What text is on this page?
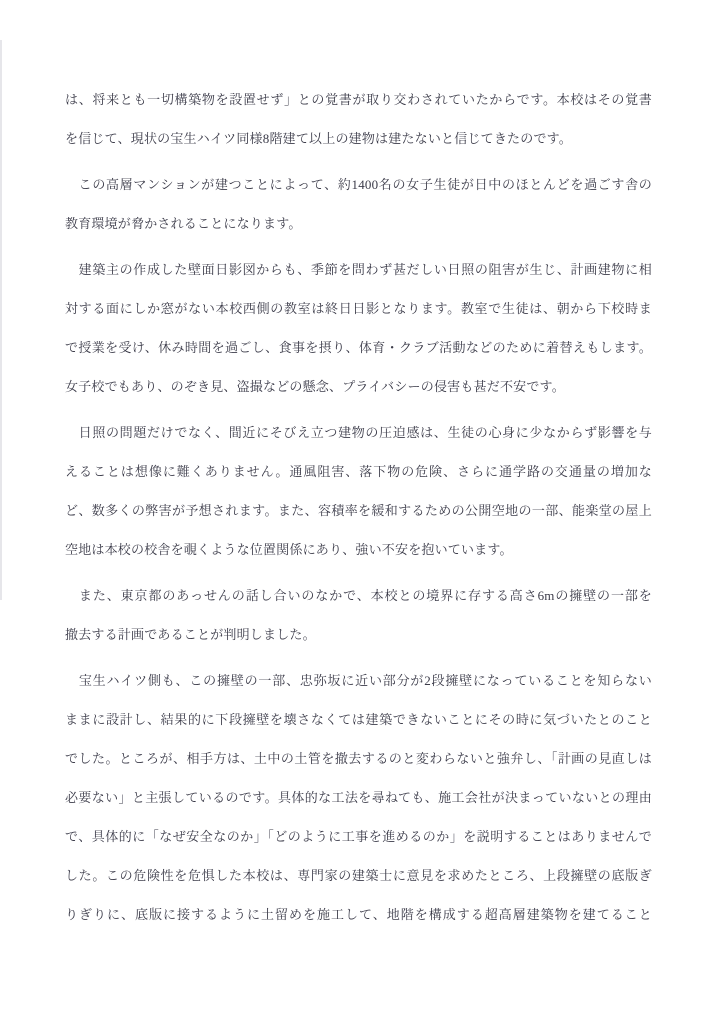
は、将来とも一切構築物を設置せず」との覚書が取り交わされていたからです。本校はその覚書
を信じて、現状の宝生ハイツ同様8階建て以上の建物は建たないと信じてきたのです。
　この高層マンションが建つことによって、約1400名の女子生徒が日中のほとんどを過ごす舎の
教育環境が脅かされることになります。
　建築主の作成した壁面日影図からも、季節を問わず甚だしい日照の阻害が生じ、計画建物に相
対する面にしか窓がない本校西側の教室は終日日影となります。教室で生徒は、朝から下校時ま
で授業を受け、休み時間を過ごし、食事を摂り、体育・クラブ活動などのために着替えもします。
女子校でもあり、のぞき見、盗撮などの懸念、プライバシーの侵害も甚だ不安です。
　日照の問題だけでなく、間近にそびえ立つ建物の圧迫感は、生徒の心身に少なからず影響を与
えることは想像に難くありません。通風阻害、落下物の危険、さらに通学路の交通量の増加な
ど、数多くの弊害が予想されます。また、容積率を緩和するための公開空地の一部、能楽堂の屋上
空地は本校の校舎を覗くような位置関係にあり、強い不安を抱いています。
　また、東京都のあっせんの話し合いのなかで、本校との境界に存する高さ6mの擁壁の一部を
撤去する計画であることが判明しました。
　宝生ハイツ側も、この擁壁の一部、忠弥坂に近い部分が2段擁壁になっていることを知らない
ままに設計し、結果的に下段擁壁を壊さなくては建築できないことにその時に気づいたとのこと
でした。ところが、相手方は、土中の土管を撤去するのと変わらないと強弁し、「計画の見直しは
必要ない」と主張しているのです。具体的な工法を尋ねても、施工会社が決まっていないとの理由
で、具体的に「なぜ安全なのか」「どのように工事を進めるのか」を説明することはありませんで
した。この危険性を危惧した本校は、専門家の建築士に意見を求めたところ、上段擁壁の底版ぎ
りぎりに、底版に接するように土留めを施工して、地階を構成する超高層建築物を建てること
